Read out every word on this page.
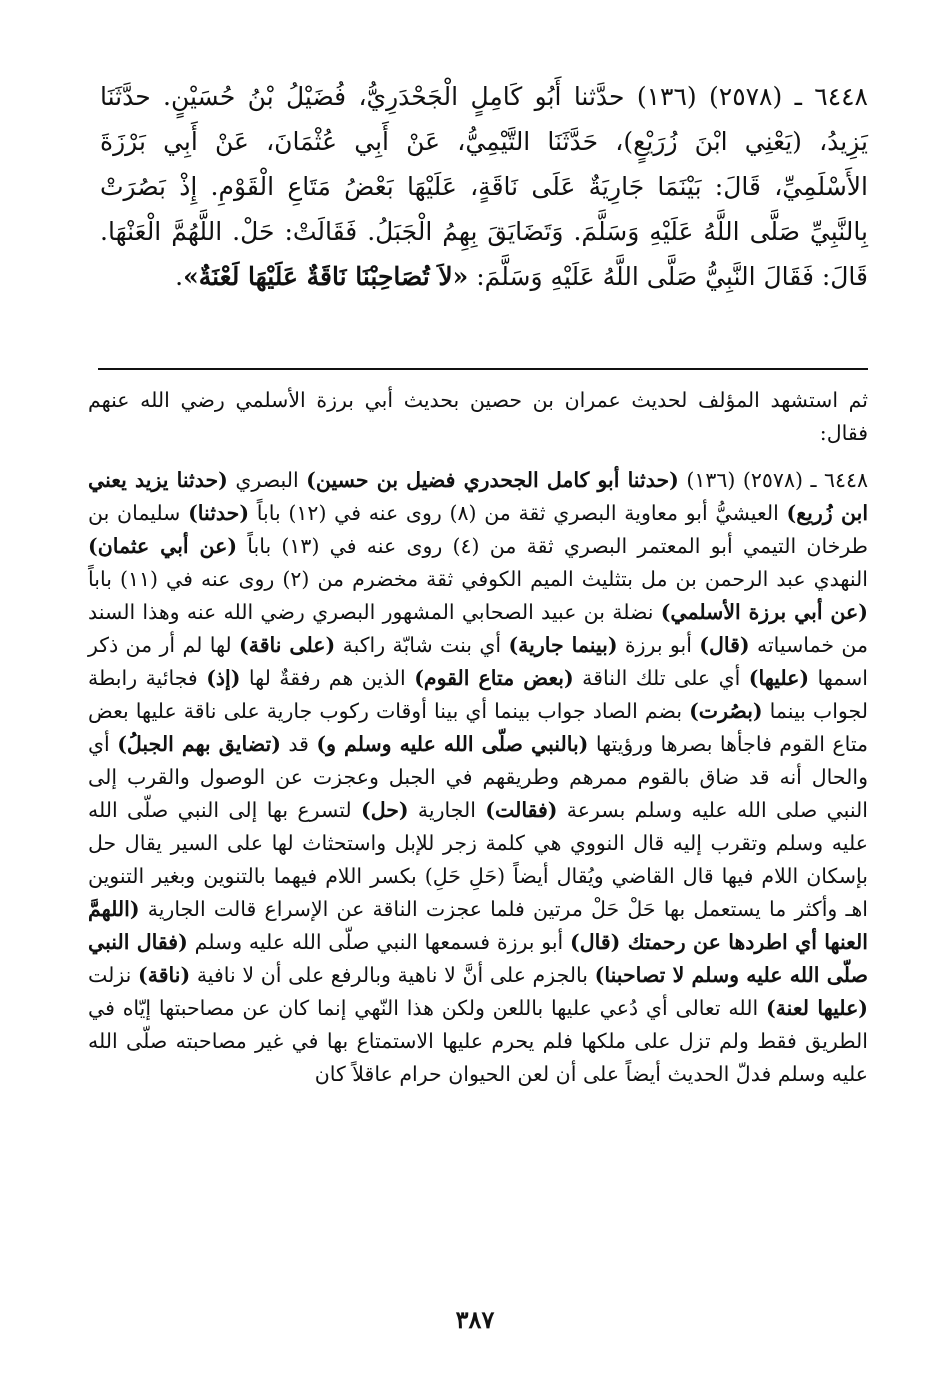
٦٤٤٨ ـ (٢٥٧٨) (١٣٦) حدَّثنا أَبُو كَامِلٍ الْجَحْدَرِيُّ، فُضَيْلُ بْنُ حُسَيْنٍ. حدَّثَنَا يَزِيدُ، (يَعْنِي ابْنَ زُرَيْعٍ)، حَدَّثَنَا التَّيْمِيُّ، عَنْ أَبِي عُثْمَانَ، عَنْ أَبِي بَرْزَةَ الأَسْلَمِيِّ، قَالَ: بَيْنَمَا جَارِيَةٌ عَلَى نَاقَةٍ، عَلَيْهَا بَعْضُ مَتَاعِ الْقَوْمِ. إِذْ بَصُرَتْ بِالنَّبِيِّ صَلَّى اللَّهُ عَلَيْهِ وَسَلَّمَ. وَتَضَايَقَ بِهِمُ الْجَبَلُ. فَقَالَتْ: حَلْ. اللَّهُمَّ الْعَنْهَا. قَالَ: فَقَالَ النَّبِيُّ صَلَّى اللَّهُ عَلَيْهِ وَسَلَّمَ: «لاَ تُصَاحِبْنَا نَاقَةٌ عَلَيْهَا لَعْنَةٌ».

ثم استشهد المؤلف لحديث عمران بن حصين بحديث أبي برزة الأسلمي رضي الله عنهم فقال:

٦٤٤٨ ـ (٢٥٧٨) (١٣٦) (حدثنا أبو كامل الجحدري فضيل بن حسين) البصري (حدثنا يزيد يعني ابن زُريع) العيشيُّ أبو معاوية البصري ثقة من (٨) روى عنه في (١٢) باباً (حدثنا) سليمان بن طرخان التيمي أبو المعتمر البصري ثقة من (٤) روى عنه في (١٣) باباً (عن أبي عثمان) النهدي عبد الرحمن بن مل بتثليث الميم الكوفي ثقة مخضرم من (٢) روى عنه في (١١) باباً (عن أبي برزة الأسلمي) نضلة بن عبيد الصحابي المشهور البصري رضي الله عنه وهذا السند من خماسياته (قال) أبو برزة (بينما جارية) أي بنت شابّة راكبة (على ناقة) لها لم أر من ذكر اسمها (عليها) أي على تلك الناقة (بعض متاع القوم) الذين هم رفقةٌ لها (إذ) فجائية رابطة لجواب بينما (بصُرت) بضم الصاد جواب بينما أي بينا أوقات ركوب جارية على ناقة عليها بعض متاع القوم فاجأها بصرها ورؤيتها (بالنبي صلّى الله عليه وسلم و) قد (تضايق بهم الجبلُ) أي والحال أنه قد ضاق بالقوم ممرهم وطريقهم في الجبل وعجزت عن الوصول والقرب إلى النبي صلى الله عليه وسلم بسرعة (فقالت) الجارية (حل) لتسرع بها إلى النبي صلّى الله عليه وسلم وتقرب إليه قال النووي هي كلمة زجر للإبل واستحثاث لها على السير يقال حل بإسكان اللام فيها قال القاضي ويُقال أيضاً (حَلِ حَلِ) بكسر اللام فيهما بالتنوين وبغير التنوين اهـ وأكثر ما يستعمل بها حَلْ حَلْ مرتين فلما عجزت الناقة عن الإسراع قالت الجارية (اللهمَّ العنها أي اطردها عن رحمتك (قال) أبو برزة فسمعها النبي صلّى الله عليه وسلم (فقال النبي صلّى الله عليه وسلم لا تصاحبنا) بالجزم على أنَّ لا ناهية وبالرفع على أن لا نافية (ناقة) نزلت (عليها لعنة) الله تعالى أي دُعي عليها باللعن ولكن هذا النّهي إنما كان عن مصاحبتها إيّاه في الطريق فقط ولم تزل على ملكها فلم يحرم عليها الاستمتاع بها في غير مصاحبته صلّى الله عليه وسلم فدلّ الحديث أيضاً على أن لعن الحيوان حرام عاقلاً كان

٣٨٧
